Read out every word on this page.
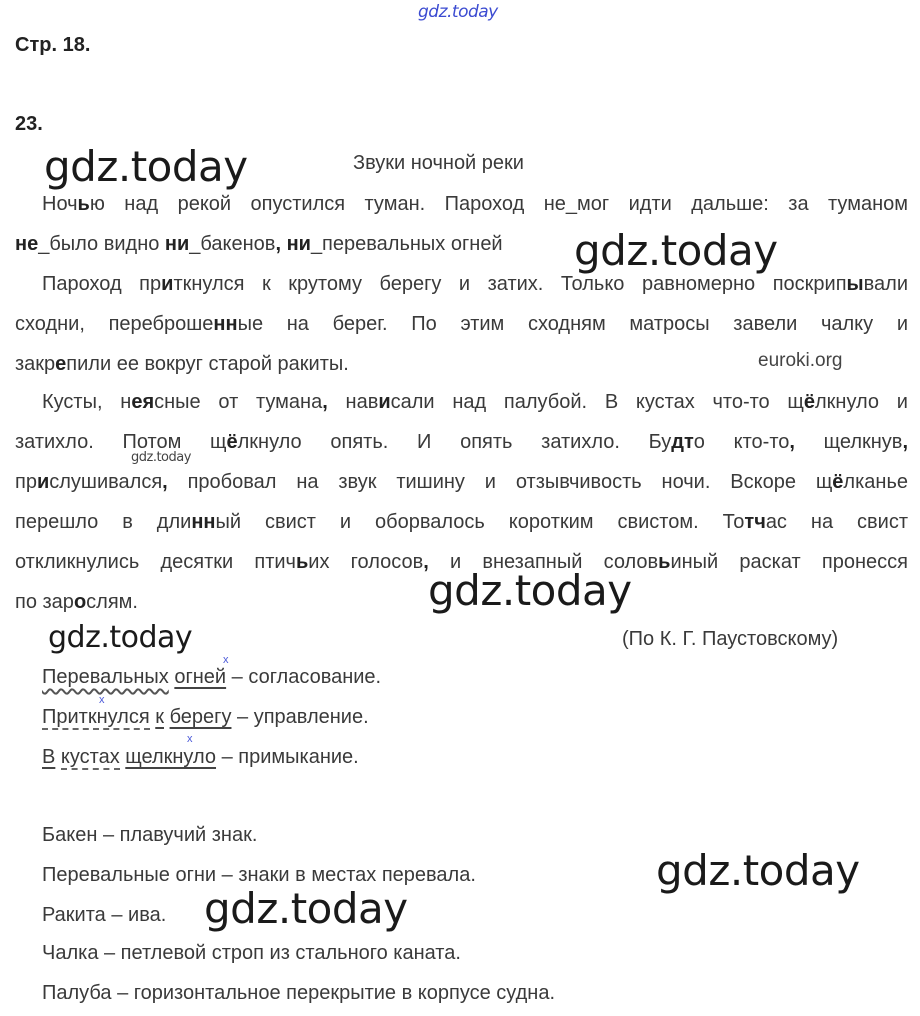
gdz.today
Стр. 18.
23.
Звуки ночной реки
Ночью над рекой опустился туман. Пароход не_мог идти дальше: за туманом
не_было видно ни_бакенов, ни_перевальных огней
Пароход приткнулся к крутому берегу и затих. Только равномерно поскрипывали
сходни, переброшенные на берег. По этим сходням матросы завели чалку и
закрепили ее вокруг старой ракиты.
Кусты, неясные от тумана, нависали над палубой. В кустах что-то щёлкнуло и
затихло. Потом щёлкнуло опять. И опять затихло. Будто кто-то, щелкнув,
прислушивался, пробовал на звук тишину и отзывчивость ночи. Вскоре щёлканье
перешло в длинный свист и оборвалось коротким свистом. Тотчас на свист
откликнулись десятки птичьих голосов, и внезапный соловьиный раскат пронесся
по зарослям.
(По К. Г. Паустовскому)
Перевальных огней – согласование.
x
Приткнулся к берегу – управление.
x
В кустах щелкнуло – примыкание.
x
Бакен – плавучий знак.
Перевальные огни – знаки в местах перевала.
Ракита – ива.
Чалка – петлевой строп из стального каната.
Палуба – горизонтальное перекрытие в корпусе судна.
gdz.today
gdz.today
gdz.today
gdz.today
gdz.today
gdz.today
gdz.today
euroki.org
